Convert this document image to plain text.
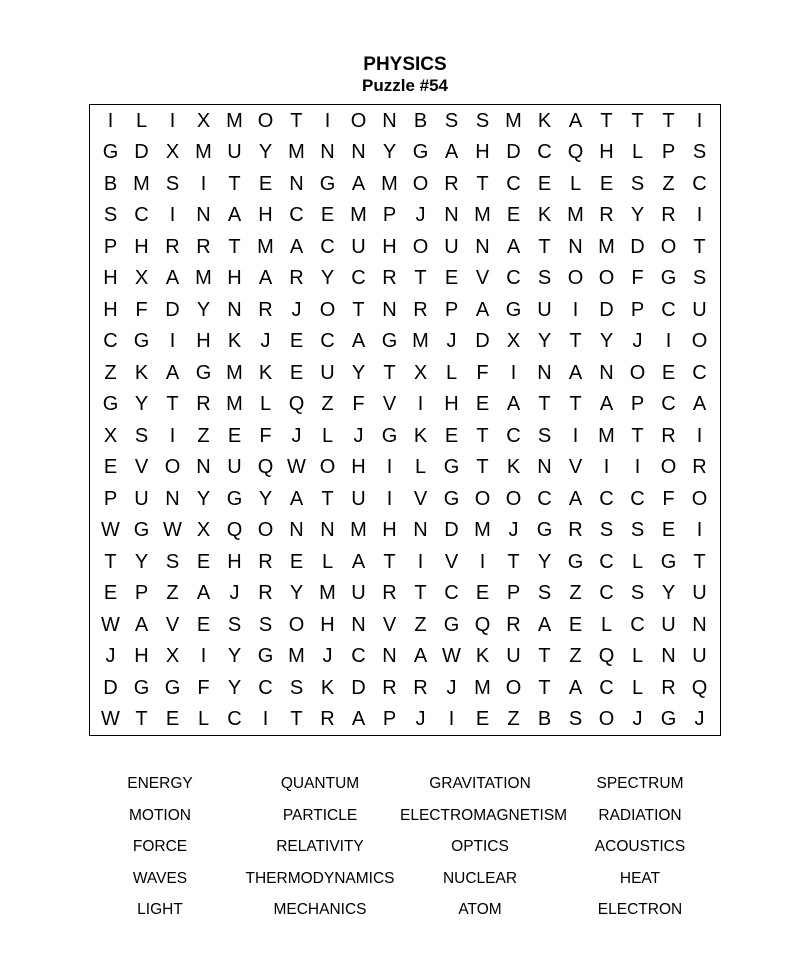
PHYSICS
Puzzle #54
I	L	I	X M O T	I	O N B S S M K A T T T	I
G D X M U Y M N N Y G A H D C Q H L P S
B M S	I	T E N G A M O R T C E L E S Z C
S C	I	N A H C E M P J N M E K M R Y R	I
P H R R T M A C U H O U N A T N M D O T
H X A M H A R Y C R T E V C S O O F G S
H F D Y N R J O T N R P A G U	I	D P C U
C G	I	H K J E C A G M J D X Y T Y J	I	O
Z K A G M K E U Y T X L F	I	N A N O E C
G Y T R M L Q Z F V	I	H E A T T A P C A
X S	I	Z E F J	L	J G K E T C S	I M T R	I
E V O N U Q W O H	I	L G T K N V	I	I	O R
P U N Y G Y A T U	I	V G O O C A C C F O
W G W X Q O N N M H N D M J G R S S E	I
T Y S E H R E L A T	I	V	I	T Y G C L G T
E P Z A J R Y M U R T C E P S Z C S Y U
W A V E S S O H N V Z G Q R A E L C U N
J H X	I	Y G M J C N A W K U T Z Q L N U
D G G F Y C S K D R R J M O T A C L R Q
W T E L C	I	T R A P J	I	E Z B S O J G J
ENERGY	QUANTUM	GRAVITATION	SPECTRUM
MOTION	PARTICLE	ELECTROMAGNETISM	RADIATION
FORCE	RELATIVITY	OPTICS	ACOUSTICS
WAVES	THERMODYNAMICS	NUCLEAR	HEAT
LIGHT	MECHANICS	ATOM	ELECTRON
